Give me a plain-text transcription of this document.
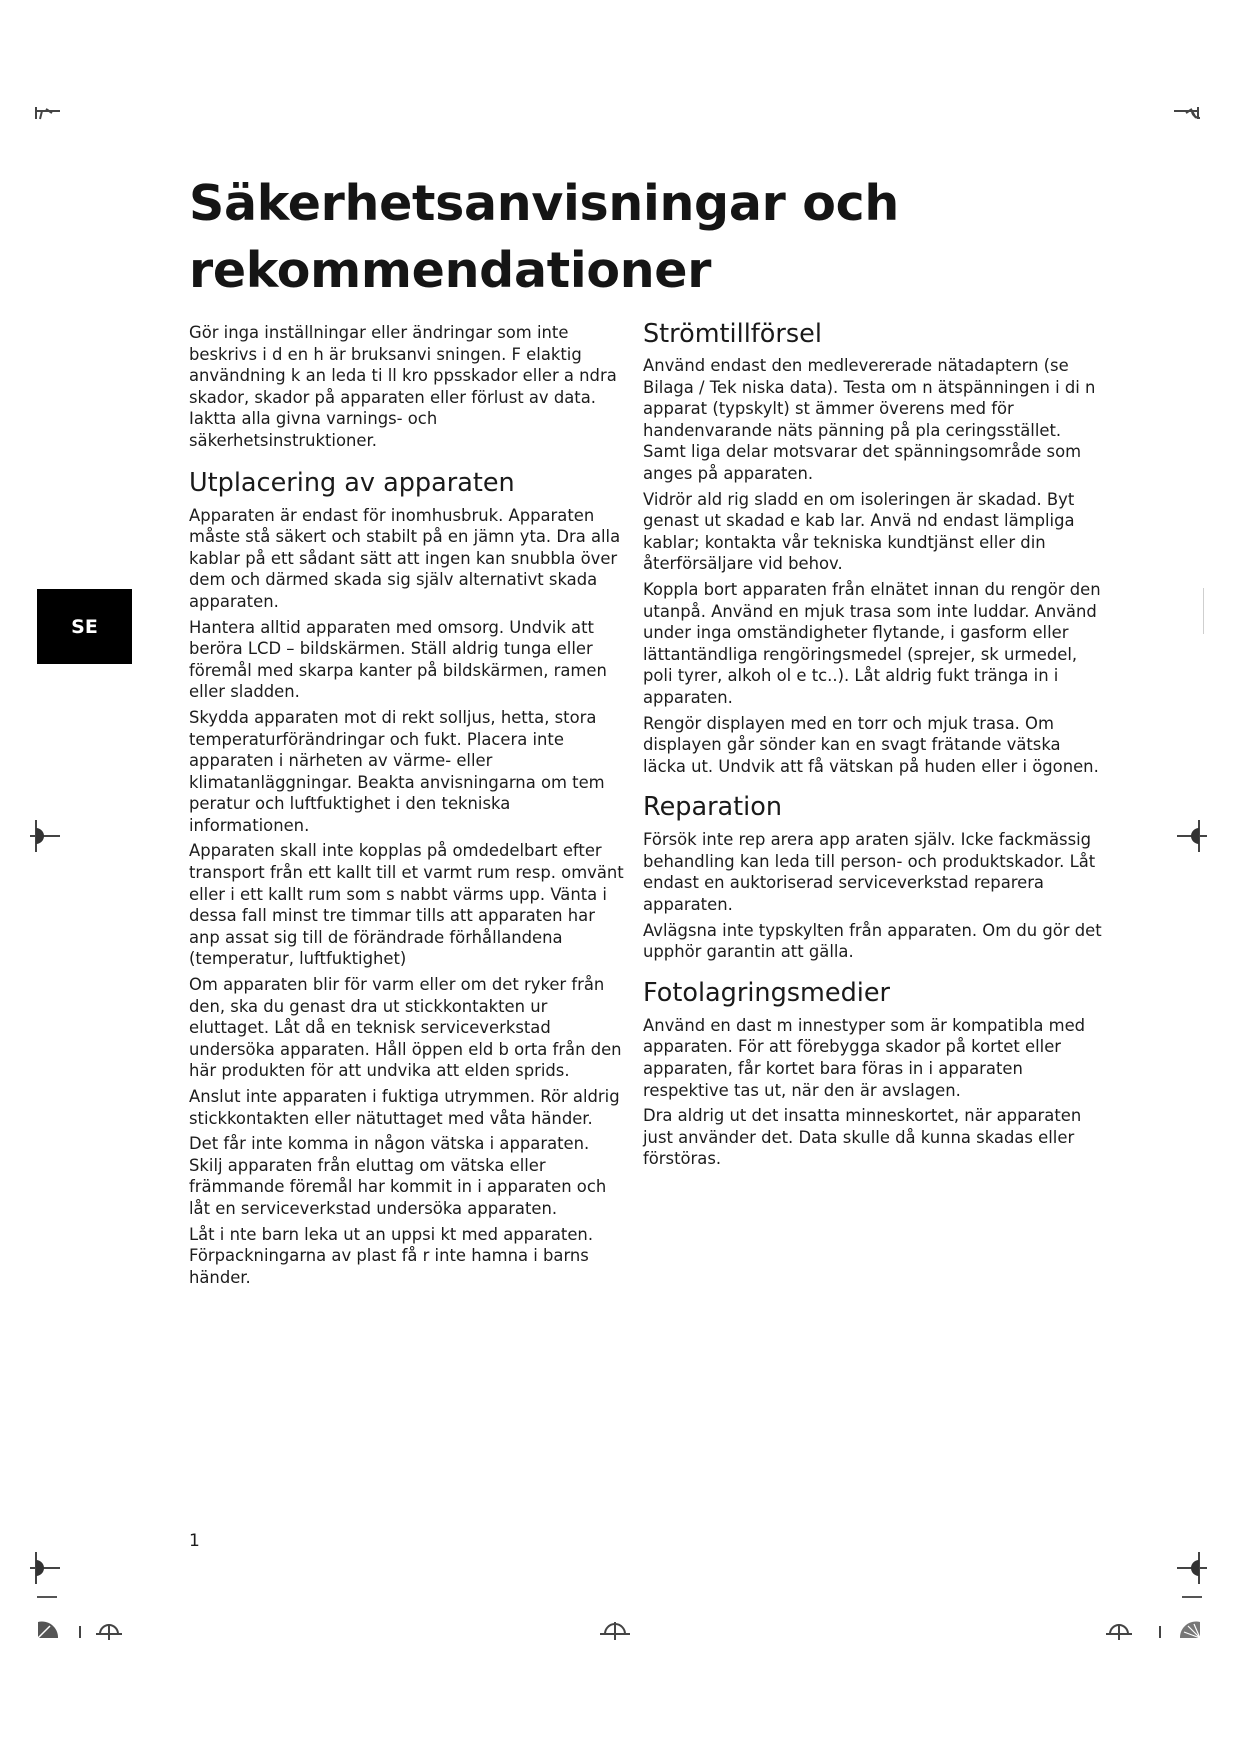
Säkerhetsanvisningar och rekommendationer

Gör inga inställningar eller ändringar som inte beskrivs i d en h är bruksanvi sningen. F elaktig användning k an leda ti ll kro ppsskador eller a ndra skador, skador på apparaten eller förlust av data. Iaktta alla givna varnings- och säkerhetsinstruktioner.

Utplacering av apparaten

Apparaten är endast för inomhusbruk. Apparaten måste stå säkert och stabilt på en jämn yta. Dra alla kablar på ett sådant sätt att ingen kan snubbla över dem och därmed skada sig själv alternativt skada apparaten.

Hantera alltid apparaten med omsorg. Undvik att beröra LCD – bildskärmen. Ställ aldrig tunga eller föremål med skarpa kanter på bildskärmen, ramen eller sladden.

Skydda apparaten mot di rekt solljus, hetta, stora temperaturförändringar och fukt. Placera inte apparaten i närheten av värme- eller klimatanläggningar. Beakta anvisningarna om tem peratur och luftfuktighet i den tekniska informationen.

Apparaten skall inte kopplas på omdedelbart efter transport från ett kallt till et varmt rum resp. omvänt eller i ett kallt rum som s nabbt värms upp. Vänta i dessa fall minst tre timmar tills att apparaten har anp assat sig till de förändrade förhållandena (temperatur, luftfuktighet)

Om apparaten blir för varm eller om det ryker från den, ska du genast dra ut stickkontakten ur eluttaget. Låt då en teknisk serviceverkstad undersöka apparaten. Håll öppen eld b orta från den här produkten för att undvika att elden sprids.

Anslut inte apparaten i fuktiga utrymmen. Rör aldrig stickkontakten eller nätuttaget med våta händer.

Det får inte komma in någon vätska i apparaten. Skilj apparaten från eluttag om vätska eller främmande föremål har kommit in i apparaten och låt en serviceverkstad undersöka apparaten.

Låt i nte barn leka ut an uppsi kt med apparaten. Förpackningarna av plast få r inte hamna i barns händer.

Strömtillförsel

Använd endast den medlevererade nätadaptern (se Bilaga / Tek niska data). Testa om n ätspänningen i di n apparat (typskylt) st ämmer överens med för handenvarande näts pänning på pla ceringsstället. Samt liga delar motsvarar det spänningsområde som anges på apparaten.

Vidrör ald rig sladd en om isoleringen är skadad. Byt genast ut skadad e kab lar. Anvä nd endast lämpliga kablar; kontakta vår tekniska kundtjänst eller din återförsäljare vid behov.

Koppla bort apparaten från elnätet innan du rengör den utanpå. Använd en mjuk trasa som inte luddar. Använd under inga omständigheter flytande, i gasform eller lättantändliga rengöringsmedel (sprejer, sk urmedel, poli tyrer, alkoh ol e tc..). Låt aldrig fukt tränga in i apparaten.

Rengör displayen med en torr och mjuk trasa. Om displayen går sönder kan en svagt frätande vätska läcka ut. Undvik att få vätskan på huden eller i ögonen.

Reparation

Försök inte rep arera app araten själv. Icke fackmässig behandling kan leda till person- och produktskador. Låt endast en auktoriserad serviceverkstad reparera apparaten.

Avlägsna inte typskylten från apparaten. Om du gör det upphör garantin att gälla.

Fotolagringsmedier

Använd en dast m innestyper som är kompatibla med apparaten. För att förebygga skador på kortet eller apparaten, får kortet bara föras in i apparaten respektive tas ut, när den är avslagen.

Dra aldrig ut det insatta minneskortet, när apparaten just använder det. Data skulle då kunna skadas eller förstöras.

SE
1
